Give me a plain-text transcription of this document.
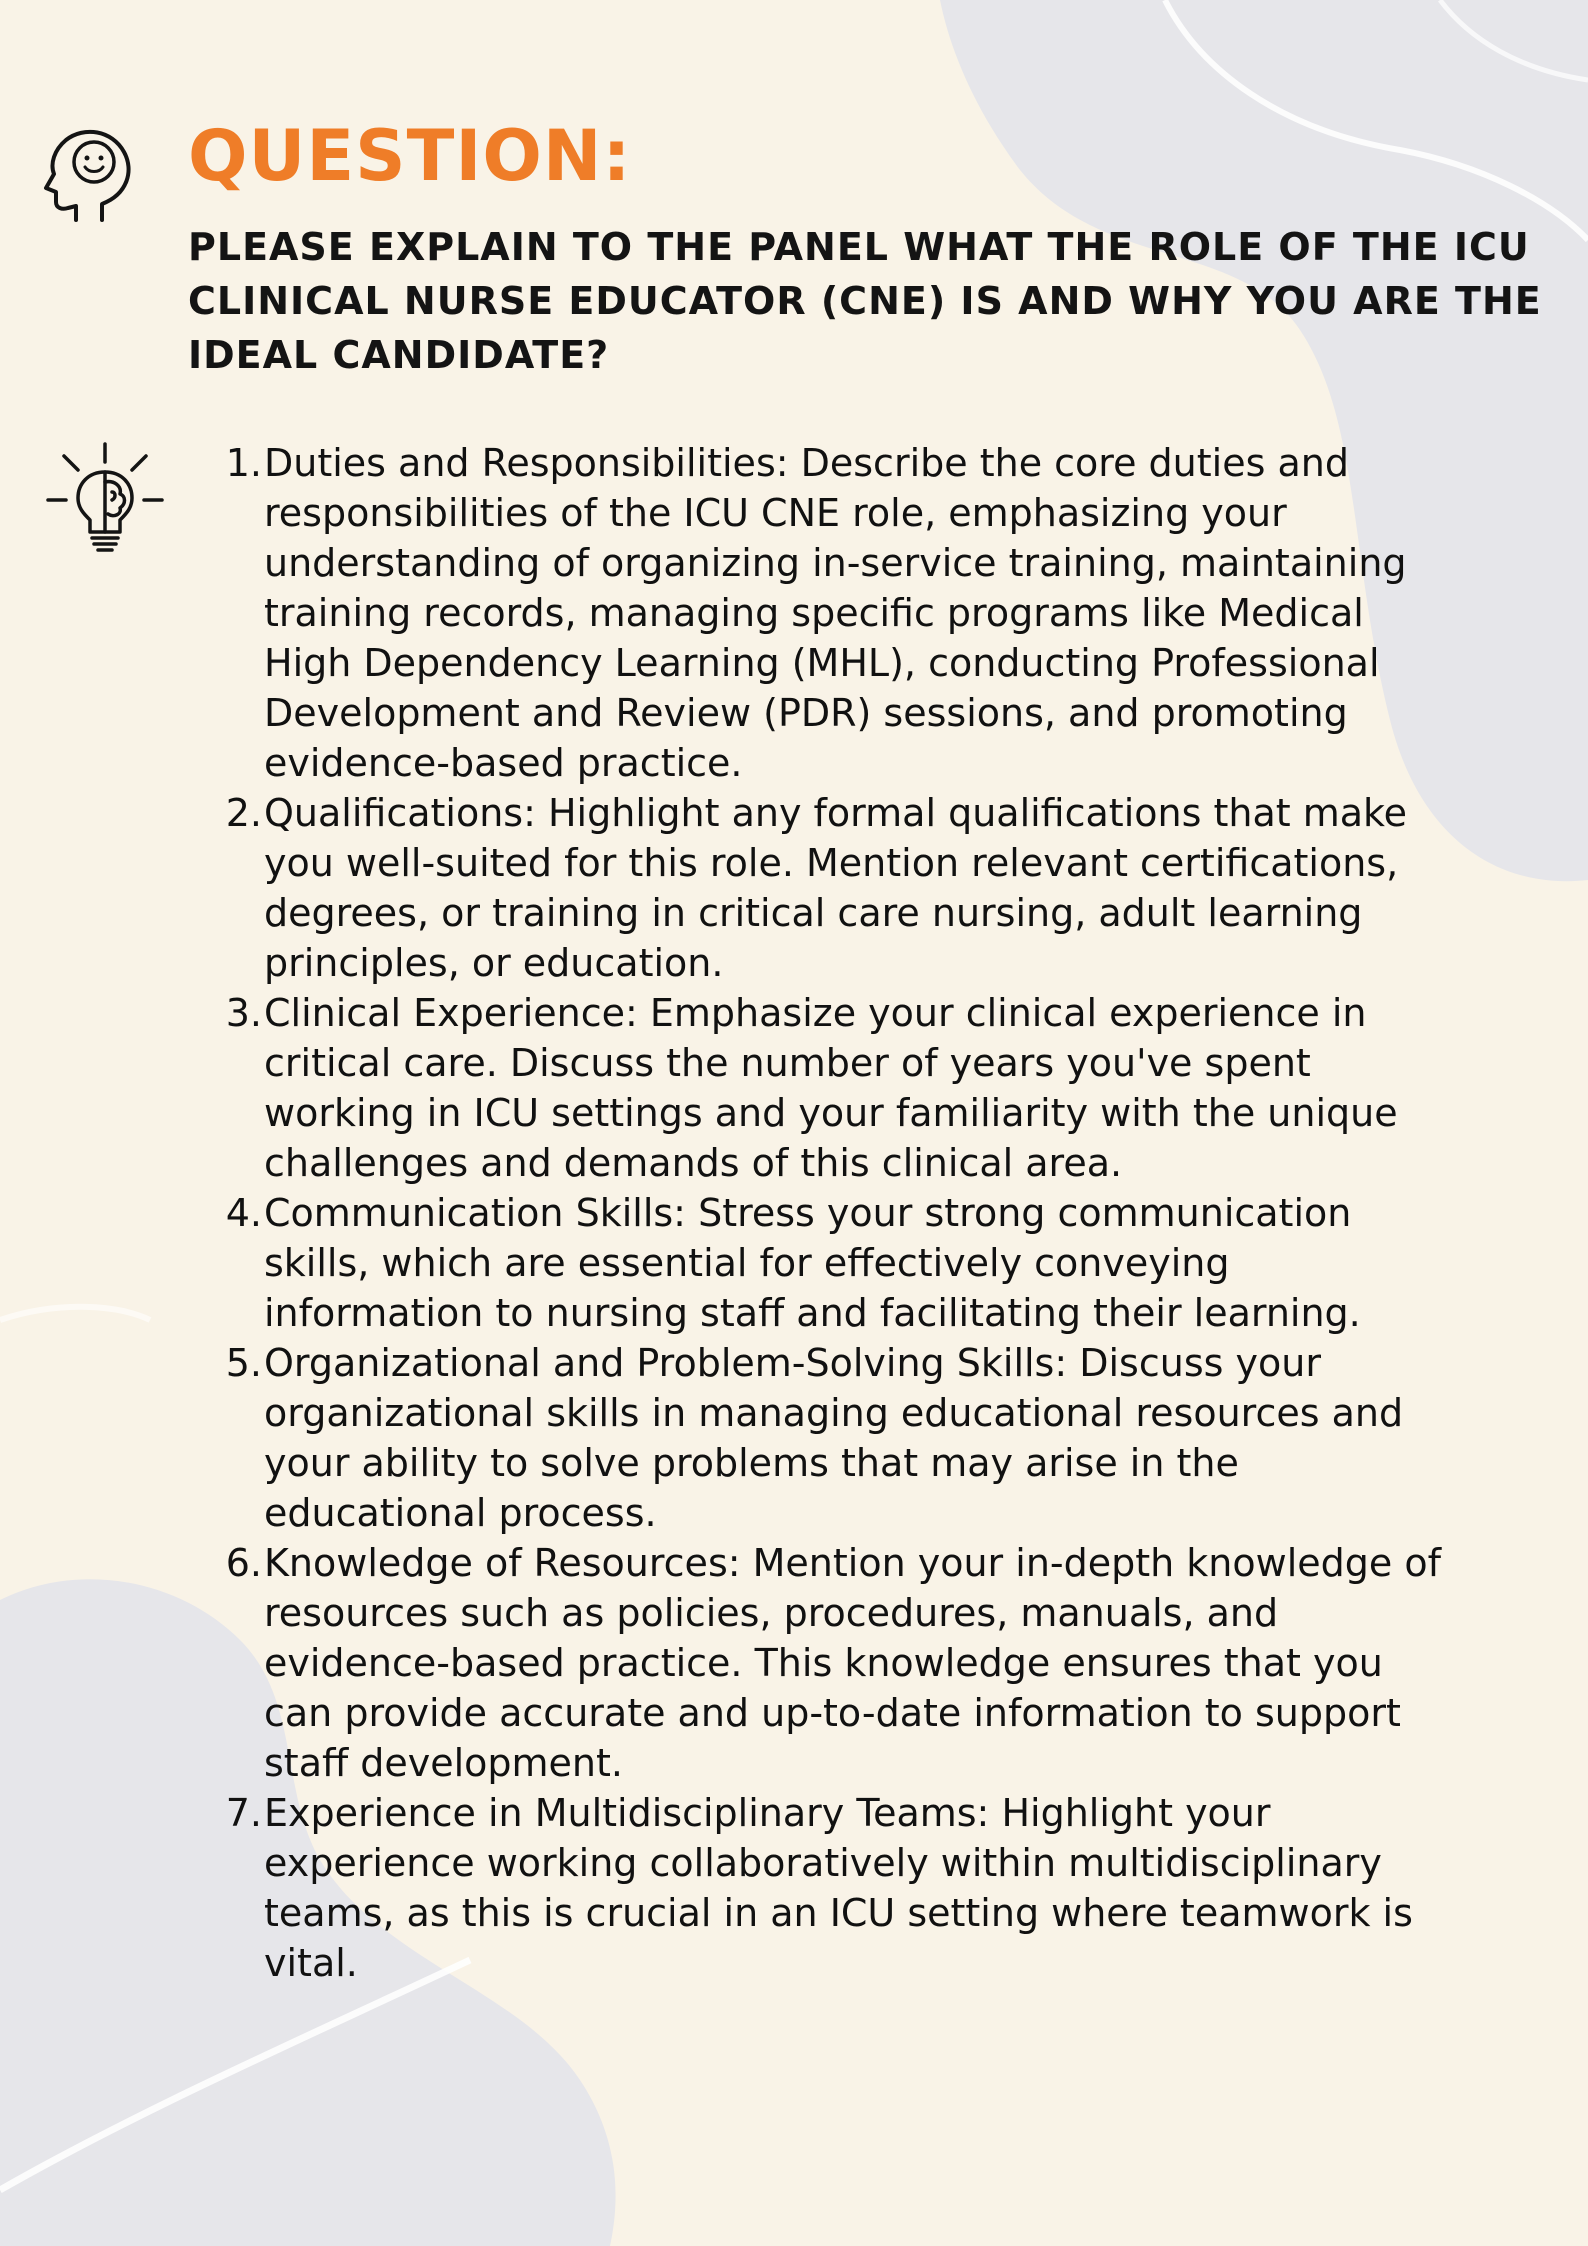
QUESTION:

PLEASE EXPLAIN TO THE PANEL WHAT THE ROLE OF THE ICU CLINICAL NURSE EDUCATOR (CNE) IS AND WHY YOU ARE THE IDEAL CANDIDATE?

1. Duties and Responsibilities: Describe the core duties and responsibilities of the ICU CNE role, emphasizing your understanding of organizing in-service training, maintaining training records, managing specific programs like Medical High Dependency Learning (MHL), conducting Professional Development and Review (PDR) sessions, and promoting evidence-based practice.
2. Qualifications: Highlight any formal qualifications that make you well-suited for this role. Mention relevant certifications, degrees, or training in critical care nursing, adult learning principles, or education.
3. Clinical Experience: Emphasize your clinical experience in critical care. Discuss the number of years you've spent working in ICU settings and your familiarity with the unique challenges and demands of this clinical area.
4. Communication Skills: Stress your strong communication skills, which are essential for effectively conveying information to nursing staff and facilitating their learning.
5. Organizational and Problem-Solving Skills: Discuss your organizational skills in managing educational resources and your ability to solve problems that may arise in the educational process.
6. Knowledge of Resources: Mention your in-depth knowledge of resources such as policies, procedures, manuals, and evidence-based practice. This knowledge ensures that you can provide accurate and up-to-date information to support staff development.
7. Experience in Multidisciplinary Teams: Highlight your experience working collaboratively within multidisciplinary teams, as this is crucial in an ICU setting where teamwork is vital.
